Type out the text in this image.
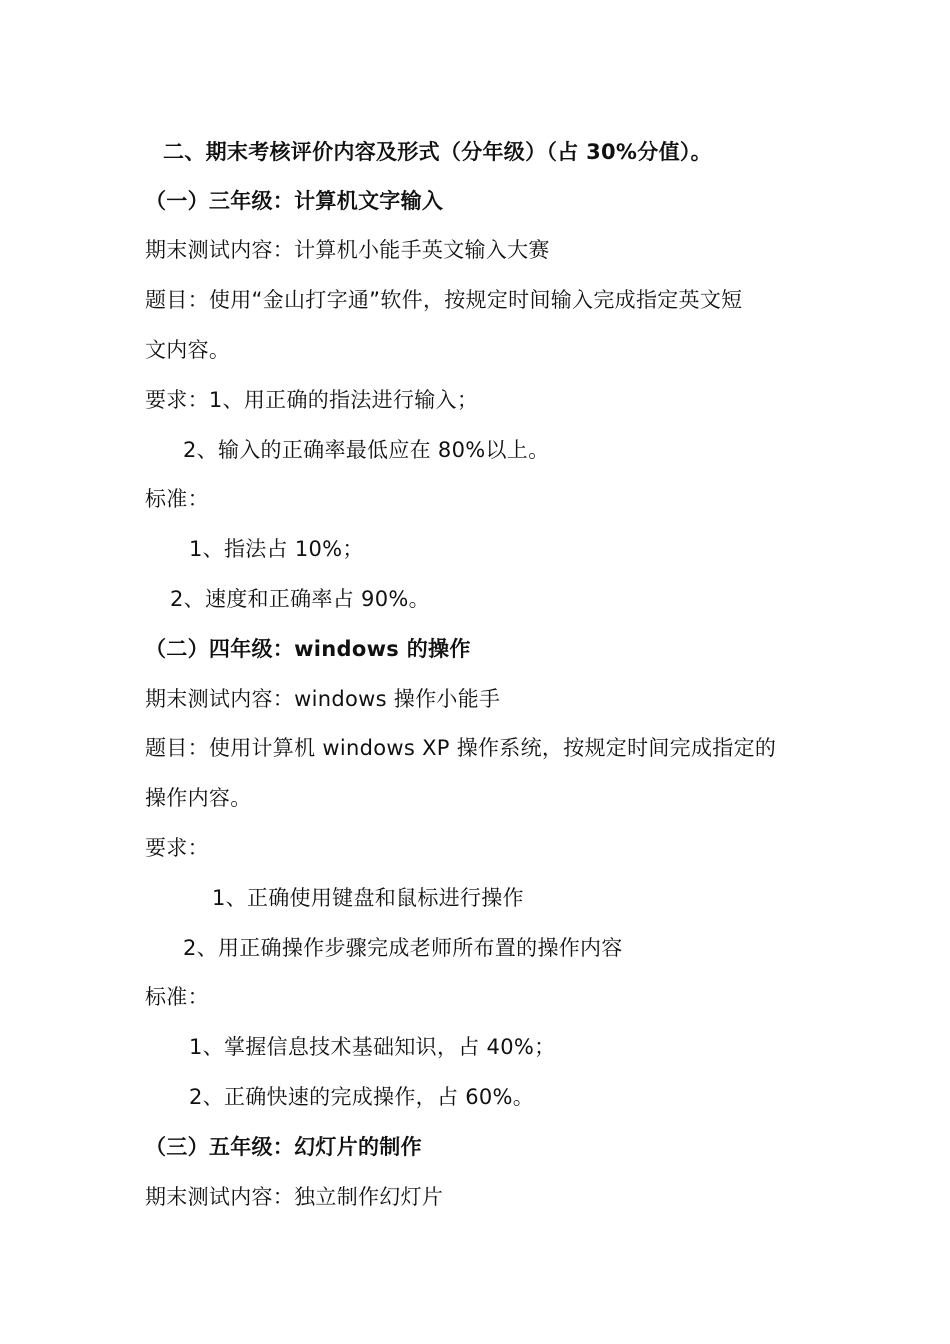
二、期末考核评价内容及形式（分年级）（占 30%分值）。
（一）三年级：计算机文字输入
期末测试内容：计算机小能手英文输入大赛
题目：使用“金山打字通”软件，按规定时间输入完成指定英文短
文内容。
要求：1、用正确的指法进行输入；
2、输入的正确率最低应在 80%以上。
标准：
1、指法占 10%；
2、速度和正确率占 90%。
（二）四年级：windows 的操作
期末测试内容：windows 操作小能手
题目：使用计算机 windows XP 操作系统，按规定时间完成指定的
操作内容。
要求：
1、正确使用键盘和鼠标进行操作
2、用正确操作步骤完成老师所布置的操作内容
标准：
1、掌握信息技术基础知识，占 40%；
2、正确快速的完成操作，占 60%。
（三）五年级：幻灯片的制作
期末测试内容：独立制作幻灯片
